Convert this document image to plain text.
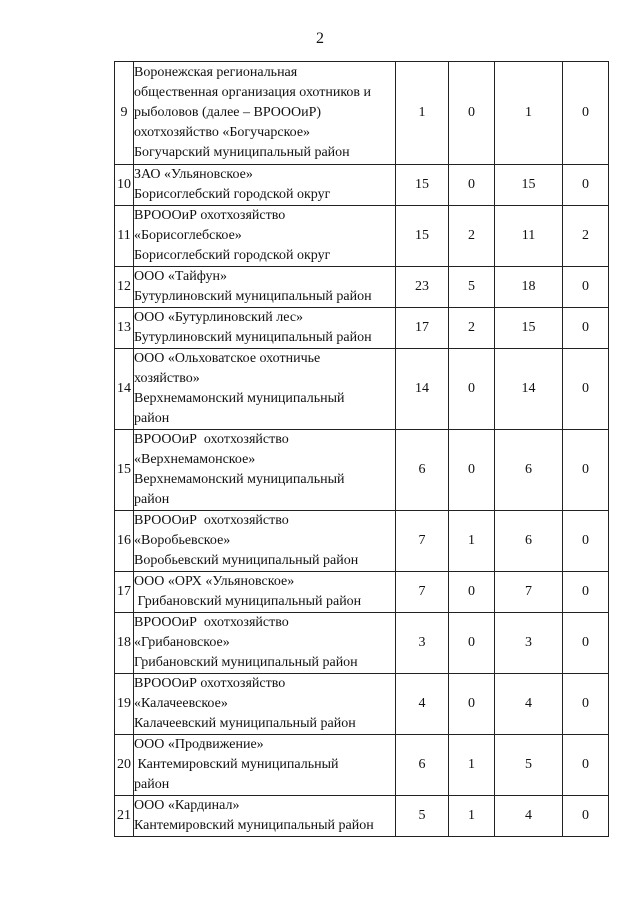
2
9	Воронежская региональная
общественная организация охотников и
рыболовов (далее – ВРОООиР)
охотхозяйство «Богучарское»
Богучарский муниципальный район	1	0	1	0
10	ЗАО «Ульяновское»
Борисоглебский городской округ	15	0	15	0
11	ВРОООиР охотхозяйство
«Борисоглебское»
Борисоглебский городской округ	15	2	11	2
12	ООО «Тайфун»
Бутурлиновский муниципальный район	23	5	18	0
13	ООО «Бутурлиновский лес»
Бутурлиновский муниципальный район	17	2	15	0
14	ООО «Ольховатское охотничье
хозяйство»
Верхнемамонский муниципальный
район	14	0	14	0
15	ВРОООиР  охотхозяйство
«Верхнемамонское»
Верхнемамонский муниципальный
район	6	0	6	0
16	ВРОООиР  охотхозяйство
«Воробьевское»
Воробьевский муниципальный район	7	1	6	0
17	ООО «ОРХ «Ульяновское»
Грибановский муниципальный район	7	0	7	0
18	ВРОООиР  охотхозяйство
«Грибановское»
Грибановский муниципальный район	3	0	3	0
19	ВРОООиР охотхозяйство
«Калачеевское»
Калачеевский муниципальный район	4	0	4	0
20	ООО «Продвижение»
Кантемировский муниципальный
район	6	1	5	0
21	ООО «Кардинал»
Кантемировский муниципальный район	5	1	4	0
